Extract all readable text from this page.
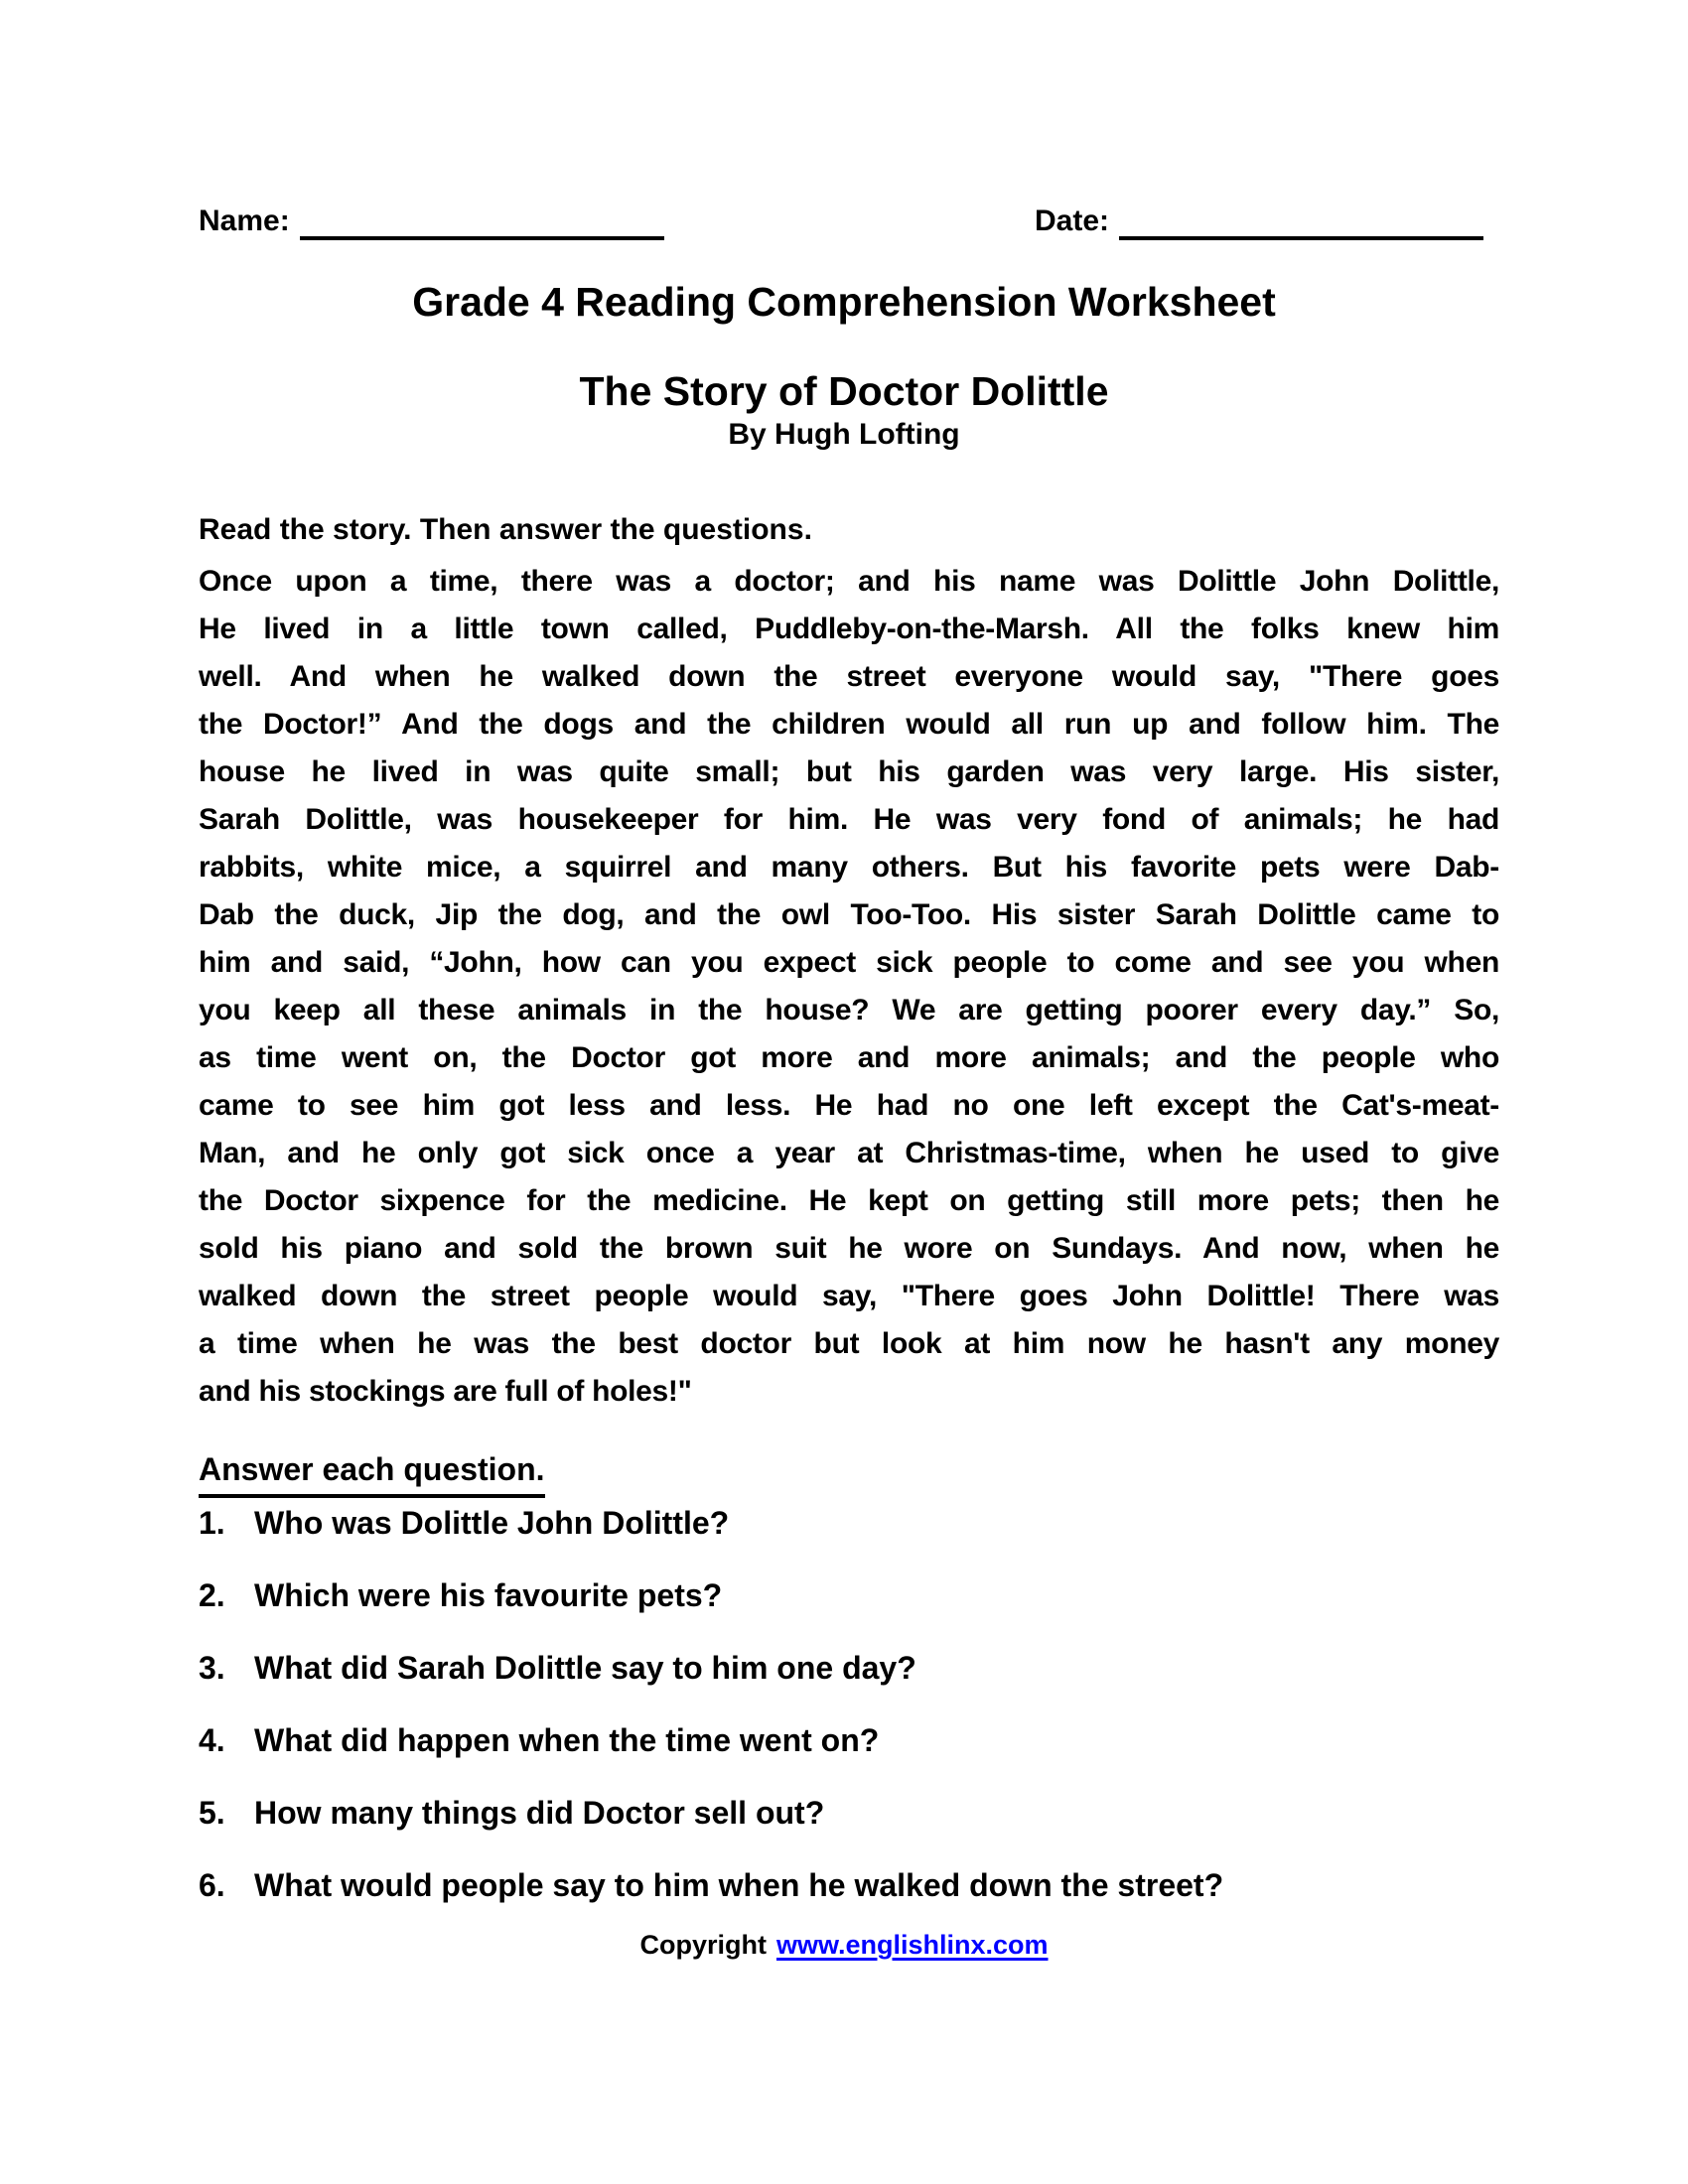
Name:	Date:
Grade 4 Reading Comprehension Worksheet
The Story of Doctor Dolittle
By Hugh Lofting
Read the story. Then answer the questions.
Once upon a time, there was a doctor; and his name was Dolittle John Dolittle,
He lived in a little town called, Puddleby-on-the-Marsh. All the folks knew him
well. And when he walked down the street everyone would say, "There goes
the Doctor!” And the dogs and the children would all run up and follow him. The
house he lived in was quite small; but his garden was very large. His sister,
Sarah Dolittle, was housekeeper for him. He was very fond of animals; he had
rabbits, white mice, a squirrel and many others. But his favorite pets were Dab-
Dab the duck, Jip the dog, and the owl Too-Too. His sister Sarah Dolittle came to
him and said, “John, how can you expect sick people to come and see you when
you keep all these animals in the house? We are getting poorer every day.” So,
as time went on, the Doctor got more and more animals; and the people who
came to see him got less and less. He had no one left except the Cat's-meat-
Man, and he only got sick once a year at Christmas-time, when he used to give
the Doctor sixpence for the medicine. He kept on getting still more pets; then he
sold his piano and sold the brown suit he wore on Sundays. And now, when he
walked down the street people would say, "There goes John Dolittle! There was
a time when he was the best doctor but look at him now he hasn't any money
and his stockings are full of holes!"
Answer each question.
1. Who was Dolittle John Dolittle?
2. Which were his favourite pets?
3. What did Sarah Dolittle say to him one day?
4. What did happen when the time went on?
5. How many things did Doctor sell out?
6. What would people say to him when he walked down the street?
Copyright www.englishlinx.com
